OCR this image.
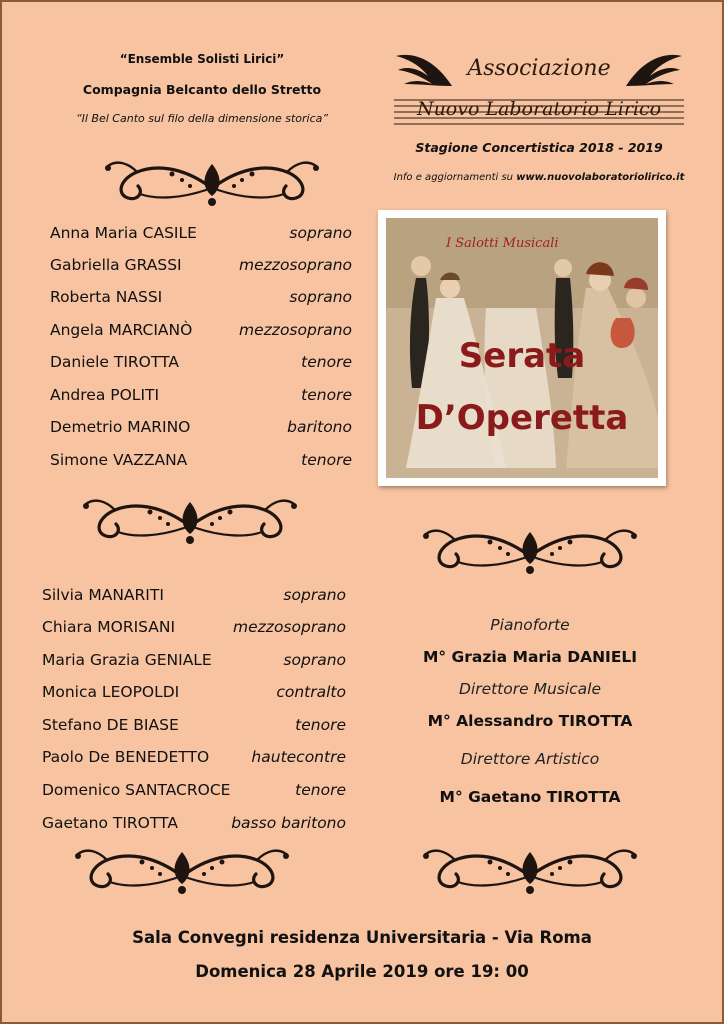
“Ensemble Solisti Lirici”
Compagnia Belcanto dello Stretto
“Il Bel Canto sul filo della dimensione storica”
Associazione
Nuovo Laboratorio Lirico
Stagione Concertistica 2018 - 2019
Info e aggiornamenti su www.nuovolaboratoriolirico.it
I Salotti Musicali
Serata
D’Operetta
Anna Maria CASILE	soprano
Gabriella GRASSI	mezzosoprano
Roberta NASSI	soprano
Angela MARCIANÒ	mezzosoprano
Daniele TIROTTA	tenore
Andrea POLITI	tenore
Demetrio MARINO	baritono
Simone VAZZANA	tenore
Silvia MANARITI	soprano
Chiara MORISANI	mezzosoprano
Maria Grazia GENIALE	soprano
Monica LEOPOLDI	contralto
Stefano DE BIASE	tenore
Paolo De BENEDETTO	hautecontre
Domenico SANTACROCE	tenore
Gaetano TIROTTA	basso baritono
Pianoforte
M° Grazia Maria DANIELI
Direttore Musicale
M° Alessandro TIROTTA
Direttore Artistico
M° Gaetano TIROTTA
Sala Convegni residenza Universitaria - Via Roma
Domenica 28 Aprile 2019 ore 19: 00
